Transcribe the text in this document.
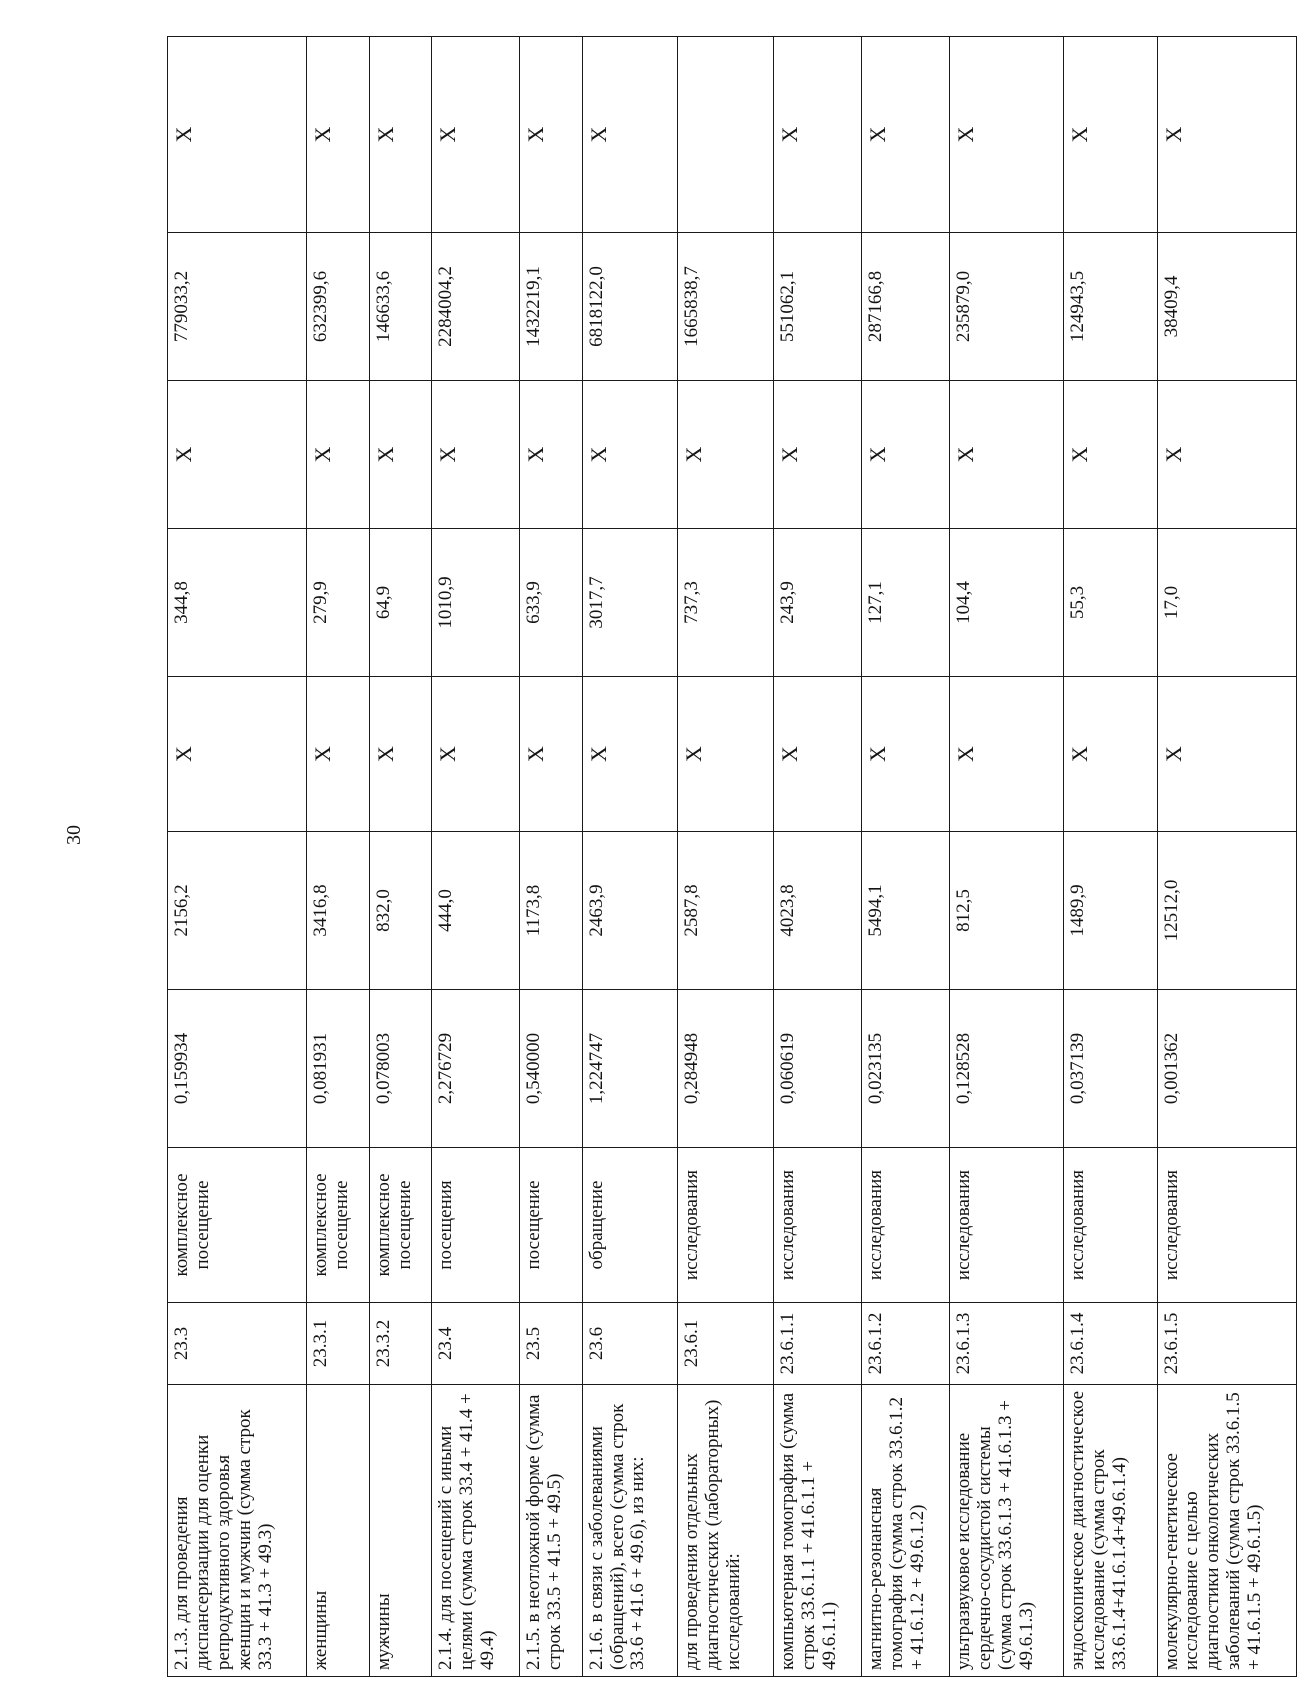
30
2.1.3. для проведения диспансеризации для оценки репродуктивного здоровья женщин и мужчин (сумма строк 33.3 + 41.3 + 49.3)	23.3	комплексное посещение	0,159934	2156,2	X	344,8	X	779033,2	X
женщины	23.3.1	комплексное посещение	0,081931	3416,8	X	279,9	X	632399,6	X
мужчины	23.3.2	комплексное посещение	0,078003	832,0	X	64,9	X	146633,6	X
2.1.4. для посещений с иными целями (сумма строк 33.4 + 41.4 + 49.4)	23.4	посещения	2,276729	444,0	X	1010,9	X	2284004,2	X
2.1.5. в неотложной форме (сумма строк 33.5 + 41.5 + 49.5)	23.5	посещение	0,540000	1173,8	X	633,9	X	1432219,1	X
2.1.6. в связи с заболеваниями (обращений), всего (сумма строк 33.6 + 41.6 + 49.6), из них:	23.6	обращение	1,224747	2463,9	X	3017,7	X	6818122,0	X
для проведения отдельных диагностических (лабораторных) исследований:	23.6.1	исследования	0,284948	2587,8	X	737,3	X	1665838,7	
компьютерная томография (сумма строк 33.6.1.1 + 41.6.1.1 + 49.6.1.1)	23.6.1.1	исследования	0,060619	4023,8	X	243,9	X	551062,1	X
магнитно-резонансная томография (сумма строк 33.6.1.2 + 41.6.1.2 + 49.6.1.2)	23.6.1.2	исследования	0,023135	5494,1	X	127,1	X	287166,8	X
ультразвуковое исследование сердечно-сосудистой системы (сумма строк 33.6.1.3 + 41.6.1.3 + 49.6.1.3)	23.6.1.3	исследования	0,128528	812,5	X	104,4	X	235879,0	X
эндоскопическое диагностическое исследование (сумма строк 33.6.1.4+41.6.1.4+49.6.1.4)	23.6.1.4	исследования	0,037139	1489,9	X	55,3	X	124943,5	X
молекулярно-генетическое исследование с целью диагностики онкологических заболеваний (сумма строк 33.6.1.5 + 41.6.1.5 + 49.6.1.5)	23.6.1.5	исследования	0,001362	12512,0	X	17,0	X	38409,4	X
